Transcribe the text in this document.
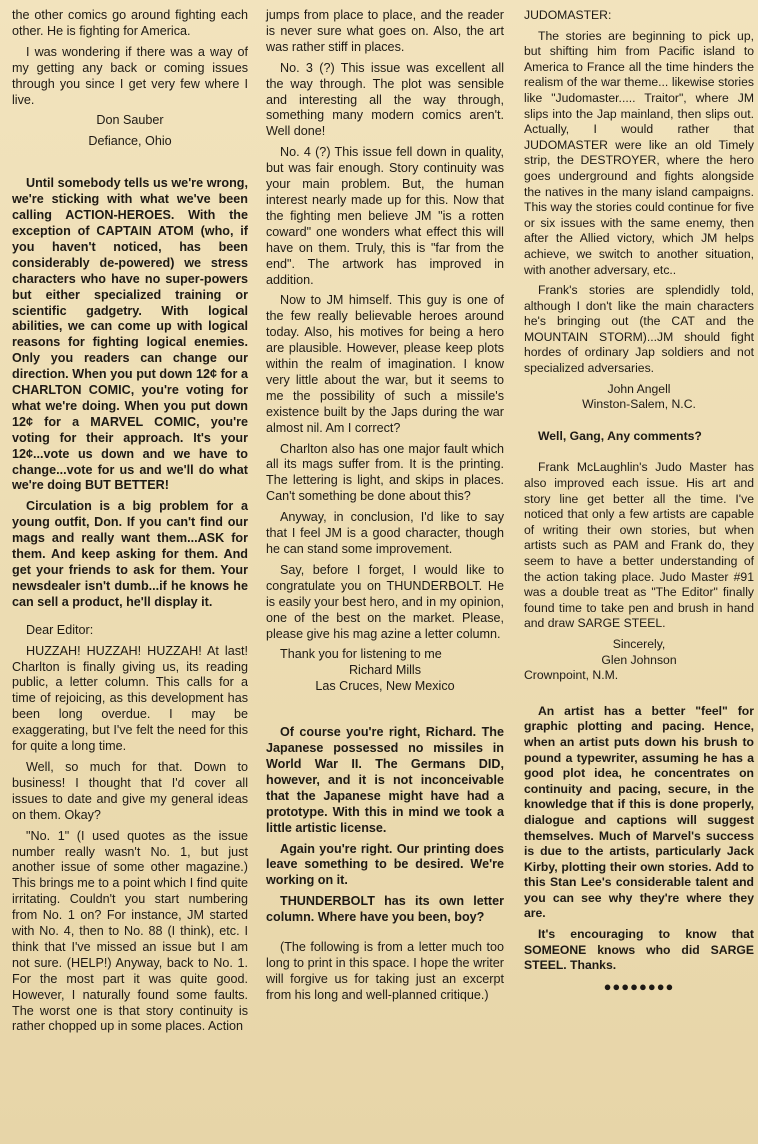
the other comics go around fighting each other. He is fighting for America.

I was wondering if there was a way of my getting any back or coming issues through you since I get very few where I live.

Don Sauber

Defiance, Ohio

Until somebody tells us we're wrong, we're sticking with what we've been calling ACTION-HEROES. With the exception of CAPTAIN ATOM (who, if you haven't noticed, has been considerably de-powered) we stress characters who have no super-powers but either specialized training or scientific gadgetry. With logical abilities, we can come up with logical reasons for fighting logical enemies. Only you readers can change our direction. When you put down 12¢ for a CHARLTON COMIC, you're voting for what we're doing. When you put down 12¢ for a MARVEL COMIC, you're voting for their approach. It's your 12¢...vote us down and we have to change...vote for us and we'll do what we're doing BUT BETTER!

Circulation is a big problem for a young outfit, Don. If you can't find our mags and really want them...ASK for them. And keep asking for them. And get your friends to ask for them. Your newsdealer isn't dumb...if he knows he can sell a product, he'll display it.

Dear Editor:

HUZZAH! HUZZAH! HUZZAH! At last! Charlton is finally giving us, its reading public, a letter column. This calls for a time of rejoicing, as this development has been long overdue. I may be exaggerating, but I've felt the need for this for quite a long time.

Well, so much for that. Down to business! I thought that I'd cover all issues to date and give my general ideas on them. Okay?

"No. 1" (I used quotes as the issue number really wasn't No. 1, but just another issue of some other magazine.) This brings me to a point which I find quite irritating. Couldn't you start numbering from No. 1 on? For instance, JM started with No. 4, then to No. 88 (I think), etc. I think that I've missed an issue but I am not sure. (HELP!) Anyway, back to No. 1. For the most part it was quite good. However, I naturally found some faults. The worst one is that story continuity is rather chopped up in some places. Action

jumps from place to place, and the reader is never sure what goes on. Also, the art was rather stiff in places.

No. 3 (?) This issue was excellent all the way through. The plot was sensible and interesting all the way through, something many modern comics aren't. Well done!

No. 4 (?) This issue fell down in quality, but was fair enough. Story continuity was your main problem. But, the human interest nearly made up for this. Now that the fighting men believe JM "is a rotten coward" one wonders what effect this will have on them. Truly, this is "far from the end". The artwork has improved in addition.

Now to JM himself. This guy is one of the few really believable heroes around today. Also, his motives for being a hero are plausible. However, please keep plots within the realm of imagination. I know very little about the war, but it seems to me the possibility of such a missile's existence built by the Japs during the war almost nil. Am I correct?

Charlton also has one major fault which all its mags suffer from. It is the printing. The lettering is light, and skips in places. Can't something be done about this?

Anyway, in conclusion, I'd like to say that I feel JM is a good character, though he can stand some improvement.

Say, before I forget, I would like to congratulate you on THUNDERBOLT. He is easily your best hero, and in my opinion, one of the best on the market. Please, please give his mag azine a letter column.

Thank you for listening to me

Richard Mills

Las Cruces, New Mexico

Of course you're right, Richard. The Japanese possessed no missiles in World War II. The Germans DID, however, and it is not inconceivable that the Japanese might have had a prototype. With this in mind we took a little artistic license.

Again you're right. Our printing does leave something to be desired. We're working on it.

THUNDERBOLT has its own letter column. Where have you been, boy?

(The following is from a letter much too long to print in this space. I hope the writer will forgive us for taking just an excerpt from his long and well-planned critique.)

JUDOMASTER:

The stories are beginning to pick up, but shifting him from Pacific island to America to France all the time hinders the realism of the war theme... likewise stories like "Judomaster..... Traitor", where JM slips into the Jap mainland, then slips out. Actually, I would rather that JUDOMASTER were like an old Timely strip, the DESTROYER, where the hero goes underground and fights alongside the natives in the many island campaigns. This way the stories could continue for five or six issues with the same enemy, then after the Allied victory, which JM helps achieve, we switch to another situation, with another adversary, etc..

Frank's stories are splendidly told, although I don't like the main characters he's bringing out (the CAT and the MOUNTAIN STORM)...JM should fight hordes of ordinary Jap soldiers and not specialized adversaries.

John Angell

Winston-Salem, N.C.

Well, Gang, Any comments?

Frank McLaughlin's Judo Master has also improved each issue. His art and story line get better all the time. I've noticed that only a few artists are capable of writing their own stories, but when artists such as PAM and Frank do, they seem to have a better understanding of the action taking place. Judo Master #91 was a double treat as "The Editor" finally found time to take pen and brush in hand and draw SARGE STEEL.

Sincerely,

Glen Johnson

Crownpoint, N.M.

An artist has a better "feel" for graphic plotting and pacing. Hence, when an artist puts down his brush to pound a typewriter, assuming he has a good plot idea, he concentrates on continuity and pacing, secure, in the knowledge that if this is done properly, dialogue and captions will suggest themselves. Much of Marvel's success is due to the artists, particularly Jack Kirby, plotting their own stories. Add to this Stan Lee's considerable talent and you can see why they're where they are.

It's encouraging to know that SOMEONE knows who did SARGE STEEL. Thanks.

●●●●●●●●
